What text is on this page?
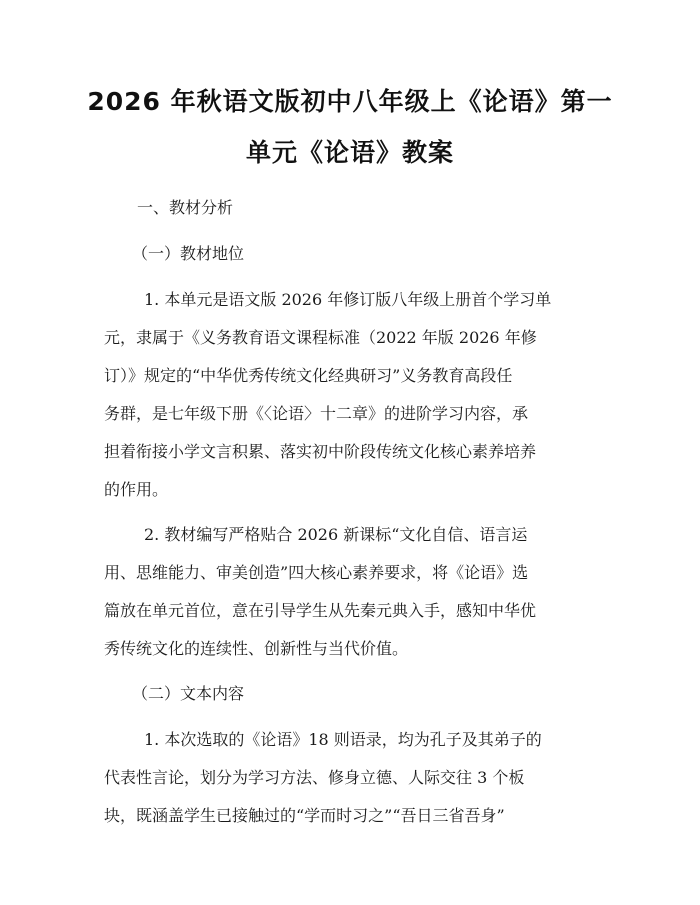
2026 年秋语文版初中八年级上《论语》第一
单元《论语》教案
一、教材分析
（一）教材地位
1. 本单元是语文版 2026 年修订版八年级上册首个学习单
元，隶属于《义务教育语文课程标准（2022 年版 2026 年修
订）》规定的“中华优秀传统文化经典研习”义务教育高段任
务群，是七年级下册《〈论语〉十二章》的进阶学习内容，承
担着衔接小学文言积累、落实初中阶段传统文化核心素养培养
的作用。
2. 教材编写严格贴合 2026 新课标“文化自信、语言运
用、思维能力、审美创造”四大核心素养要求，将《论语》选
篇放在单元首位，意在引导学生从先秦元典入手，感知中华优
秀传统文化的连续性、创新性与当代价值。
（二）文本内容
1. 本次选取的《论语》18 则语录，均为孔子及其弟子的
代表性言论，划分为学习方法、修身立德、人际交往 3 个板
块，既涵盖学生已接触过的“学而时习之”“吾日三省吾身”
